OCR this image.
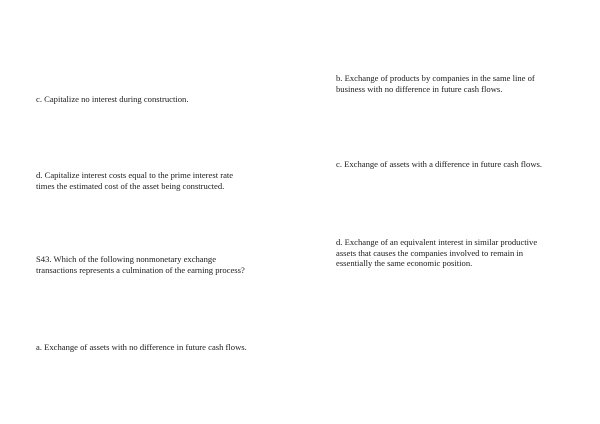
c. Capitalize no interest during construction.
d. Capitalize interest costs equal to the prime interest rate
times the estimated cost of the asset being constructed.
S43. Which of the following nonmonetary exchange
transactions represents a culmination of the earning process?
a. Exchange of assets with no difference in future cash flows.
b. Exchange of products by companies in the same line of
business with no difference in future cash flows.
c. Exchange of assets with a difference in future cash flows.
d. Exchange of an equivalent interest in similar productive
assets that causes the companies involved to remain in
essentially the same economic position.
